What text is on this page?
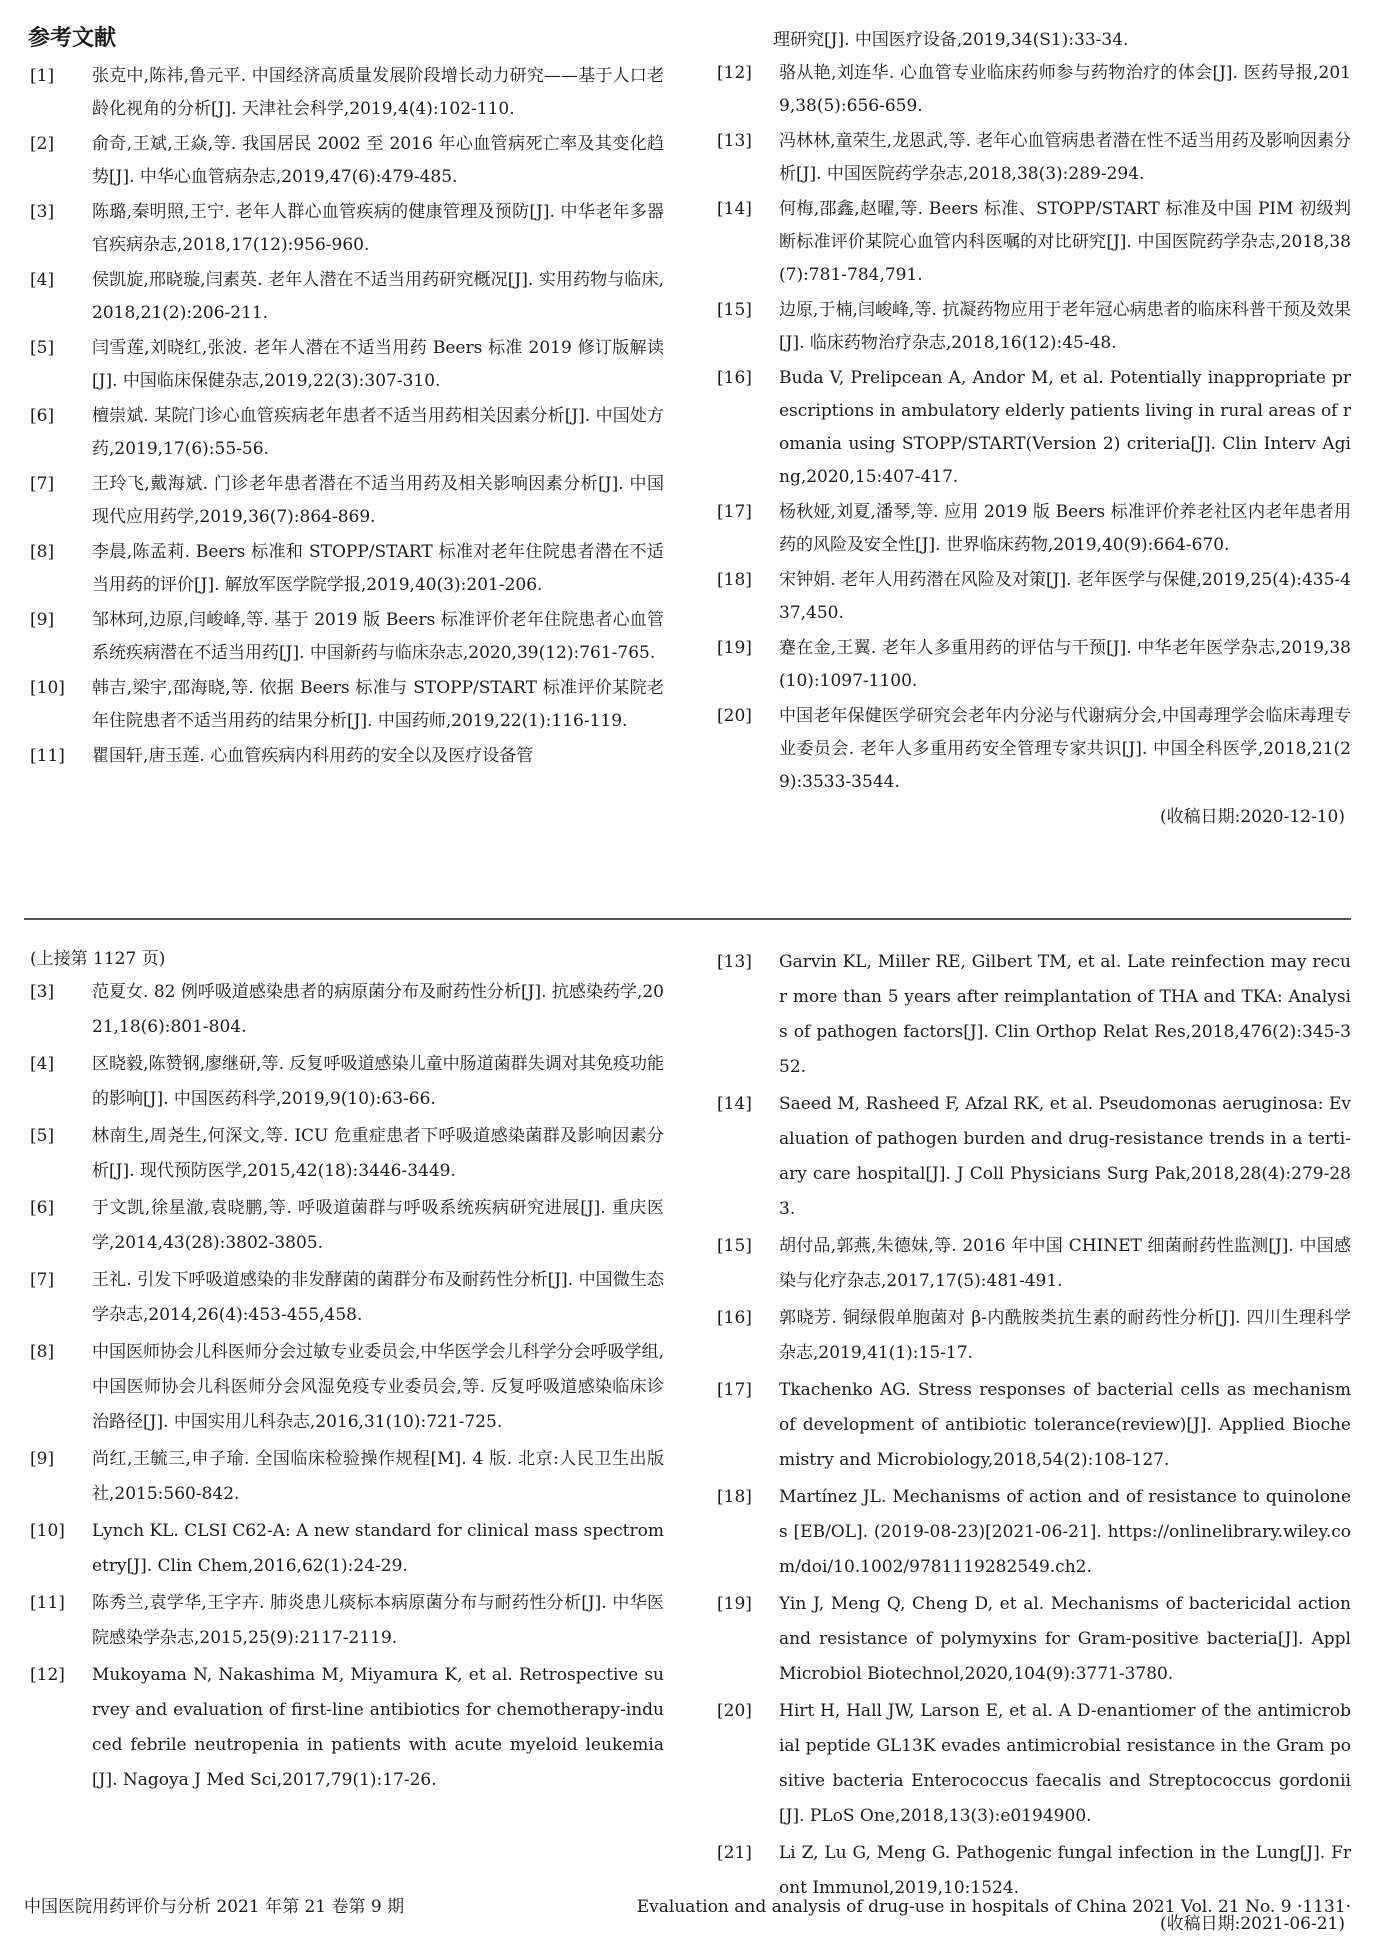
参考文献
[1]	张克中,陈祎,鲁元平. 中国经济高质量发展阶段增长动力研究——基于人口老龄化视角的分析[J]. 天津社会科学,2019,4(4):102-110.
[2]	俞奇,王斌,王焱,等. 我国居民 2002 至 2016 年心血管病死亡率及其变化趋势[J]. 中华心血管病杂志,2019,47(6):479-485.
[3]	陈璐,秦明照,王宁. 老年人群心血管疾病的健康管理及预防[J]. 中华老年多器官疾病杂志,2018,17(12):956-960.
[4]	侯凯旋,邢晓璇,闫素英. 老年人潜在不适当用药研究概况[J]. 实用药物与临床,2018,21(2):206-211.
[5]	闫雪莲,刘晓红,张波. 老年人潜在不适当用药 Beers 标准 2019 修订版解读[J]. 中国临床保健杂志,2019,22(3):307-310.
[6]	檀崇斌. 某院门诊心血管疾病老年患者不适当用药相关因素分析[J]. 中国处方药,2019,17(6):55-56.
[7]	王玲飞,戴海斌. 门诊老年患者潜在不适当用药及相关影响因素分析[J]. 中国现代应用药学,2019,36(7):864-869.
[8]	李晨,陈孟莉. Beers 标准和 STOPP/START 标准对老年住院患者潜在不适当用药的评价[J]. 解放军医学院学报,2019,40(3):201-206.
[9]	邹林珂,边原,闫峻峰,等. 基于 2019 版 Beers 标准评价老年住院患者心血管系统疾病潜在不适当用药[J]. 中国新药与临床杂志,2020,39(12):761-765.
[10]	韩吉,梁宇,邵海晓,等. 依据 Beers 标准与 STOPP/START 标准评价某院老年住院患者不适当用药的结果分析[J]. 中国药师,2019,22(1):116-119.
[11]	瞿国轩,唐玉莲. 心血管疾病内科用药的安全以及医疗设备管
理研究[J]. 中国医疗设备,2019,34(S1):33-34.
[12]	骆从艳,刘连华. 心血管专业临床药师参与药物治疗的体会[J]. 医药导报,2019,38(5):656-659.
[13]	冯林林,童荣生,龙恩武,等. 老年心血管病患者潜在性不适当用药及影响因素分析[J]. 中国医院药学杂志,2018,38(3):289-294.
[14]	何梅,邵鑫,赵曜,等. Beers 标准、STOPP/START 标准及中国 PIM 初级判断标准评价某院心血管内科医嘱的对比研究[J]. 中国医院药学杂志,2018,38(7):781-784,791.
[15]	边原,于楠,闫峻峰,等. 抗凝药物应用于老年冠心病患者的临床科普干预及效果[J]. 临床药物治疗杂志,2018,16(12):45-48.
[16]	Buda V, Prelipcean A, Andor M, et al. Potentially inappropriate prescriptions in ambulatory elderly patients living in rural areas of romania using STOPP/START(Version 2) criteria[J]. Clin Interv Aging,2020,15:407-417.
[17]	杨秋娅,刘夏,潘琴,等. 应用 2019 版 Beers 标准评价养老社区内老年患者用药的风险及安全性[J]. 世界临床药物,2019,40(9):664-670.
[18]	宋钟娟. 老年人用药潜在风险及对策[J]. 老年医学与保健,2019,25(4):435-437,450.
[19]	蹇在金,王翼. 老年人多重用药的评估与干预[J]. 中华老年医学杂志,2019,38(10):1097-1100.
[20]	中国老年保健医学研究会老年内分泌与代谢病分会,中国毒理学会临床毒理专业委员会. 老年人多重用药安全管理专家共识[J]. 中国全科医学,2018,21(29):3533-3544.
(收稿日期:2020-12-10)
(上接第 1127 页)
[3]	范夏女. 82 例呼吸道感染患者的病原菌分布及耐药性分析[J]. 抗感染药学,2021,18(6):801-804.
[4]	区晓毅,陈赞钢,廖继研,等. 反复呼吸道感染儿童中肠道菌群失调对其免疫功能的影响[J]. 中国医药科学,2019,9(10):63-66.
[5]	林南生,周尧生,何深文,等. ICU 危重症患者下呼吸道感染菌群及影响因素分析[J]. 现代预防医学,2015,42(18):3446-3449.
[6]	于文凯,徐星澈,袁晓鹏,等. 呼吸道菌群与呼吸系统疾病研究进展[J]. 重庆医学,2014,43(28):3802-3805.
[7]	王礼. 引发下呼吸道感染的非发酵菌的菌群分布及耐药性分析[J]. 中国微生态学杂志,2014,26(4):453-455,458.
[8]	中国医师协会儿科医师分会过敏专业委员会,中华医学会儿科学分会呼吸学组,中国医师协会儿科医师分会风湿免疫专业委员会,等. 反复呼吸道感染临床诊治路径[J]. 中国实用儿科杂志,2016,31(10):721-725.
[9]	尚红,王毓三,申子瑜. 全国临床检验操作规程[M]. 4 版. 北京:人民卫生出版社,2015:560-842.
[10]	Lynch KL. CLSI C62-A: A new standard for clinical mass spectrometry[J]. Clin Chem,2016,62(1):24-29.
[11]	陈秀兰,袁学华,王字卉. 肺炎患儿痰标本病原菌分布与耐药性分析[J]. 中华医院感染学杂志,2015,25(9):2117-2119.
[12]	Mukoyama N, Nakashima M, Miyamura K, et al. Retrospective survey and evaluation of first-line antibiotics for chemotherapy-induced febrile neutropenia in patients with acute myeloid leukemia[J]. Nagoya J Med Sci,2017,79(1):17-26.
[13]	Garvin KL, Miller RE, Gilbert TM, et al. Late reinfection may recur more than 5 years after reimplantation of THA and TKA: Analysis of pathogen factors[J]. Clin Orthop Relat Res,2018,476(2):345-352.
[14]	Saeed M, Rasheed F, Afzal RK, et al. Pseudomonas aeruginosa: Evaluation of pathogen burden and drug-resistance trends in a terti-ary care hospital[J]. J Coll Physicians Surg Pak,2018,28(4):279-283.
[15]	胡付品,郭燕,朱德妹,等. 2016 年中国 CHINET 细菌耐药性监测[J]. 中国感染与化疗杂志,2017,17(5):481-491.
[16]	郭晓芳. 铜绿假单胞菌对 β-内酰胺类抗生素的耐药性分析[J]. 四川生理科学杂志,2019,41(1):15-17.
[17]	Tkachenko AG. Stress responses of bacterial cells as mechanism of development of antibiotic tolerance(review)[J]. Applied Biochemistry and Microbiology,2018,54(2):108-127.
[18]	Martínez JL. Mechanisms of action and of resistance to quinolones [EB/OL]. (2019-08-23)[2021-06-21]. https://onlinelibrary.wiley.com/doi/10.1002/9781119282549.ch2.
[19]	Yin J, Meng Q, Cheng D, et al. Mechanisms of bactericidal action and resistance of polymyxins for Gram-positive bacteria[J]. Appl Microbiol Biotechnol,2020,104(9):3771-3780.
[20]	Hirt H, Hall JW, Larson E, et al. A D-enantiomer of the antimicrobial peptide GL13K evades antimicrobial resistance in the Gram positive bacteria Enterococcus faecalis and Streptococcus gordonii [J]. PLoS One,2018,13(3):e0194900.
[21]	Li Z, Lu G, Meng G. Pathogenic fungal infection in the Lung[J]. Front Immunol,2019,10:1524.
(收稿日期:2021-06-21)
中国医院用药评价与分析 2021 年第 21 卷第 9 期	Evaluation and analysis of drug-use in hospitals of China 2021 Vol. 21 No. 9 ·1131·
